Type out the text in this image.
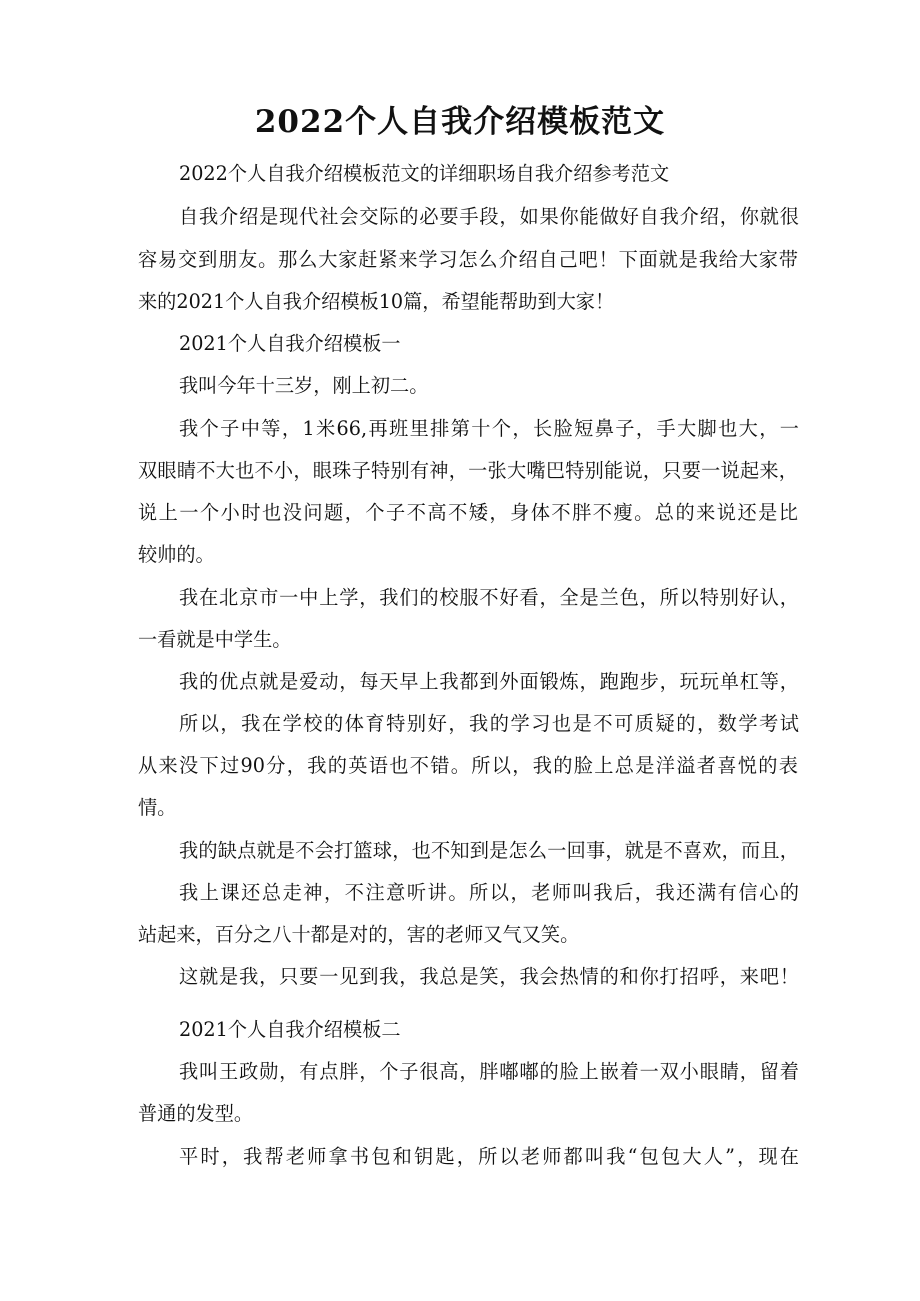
2022个人自我介绍模板范文
2022个人自我介绍模板范文的详细职场自我介绍参考范文
自我介绍是现代社会交际的必要手段，如果你能做好自我介绍，你就很
容易交到朋友。那么大家赶紧来学习怎么介绍自己吧！下面就是我给大家带
来的2021个人自我介绍模板10篇，希望能帮助到大家！
2021个人自我介绍模板一
我叫今年十三岁，刚上初二。
我个子中等，1米66,再班里排第十个，长脸短鼻子，手大脚也大，一
双眼睛不大也不小，眼珠子特别有神，一张大嘴巴特别能说，只要一说起来，
说上一个小时也没问题，个子不高不矮，身体不胖不瘦。总的来说还是比
较帅的。
我在北京市一中上学，我们的校服不好看，全是兰色，所以特别好认，
一看就是中学生。
我的优点就是爱动，每天早上我都到外面锻炼，跑跑步，玩玩单杠等，
所以，我在学校的体育特别好，我的学习也是不可质疑的，数学考试
从来没下过90分，我的英语也不错。所以，我的脸上总是洋溢者喜悦的表
情。
我的缺点就是不会打篮球，也不知到是怎么一回事，就是不喜欢，而且，
我上课还总走神，不注意听讲。所以，老师叫我后，我还满有信心的
站起来，百分之八十都是对的，害的老师又气又笑。
这就是我，只要一见到我，我总是笑，我会热情的和你打招呼，来吧！
2021个人自我介绍模板二
我叫王政勋，有点胖，个子很高，胖嘟嘟的脸上嵌着一双小眼睛，留着
普通的发型。
平时，我帮老师拿书包和钥匙，所以老师都叫我“包包大人”，现在
